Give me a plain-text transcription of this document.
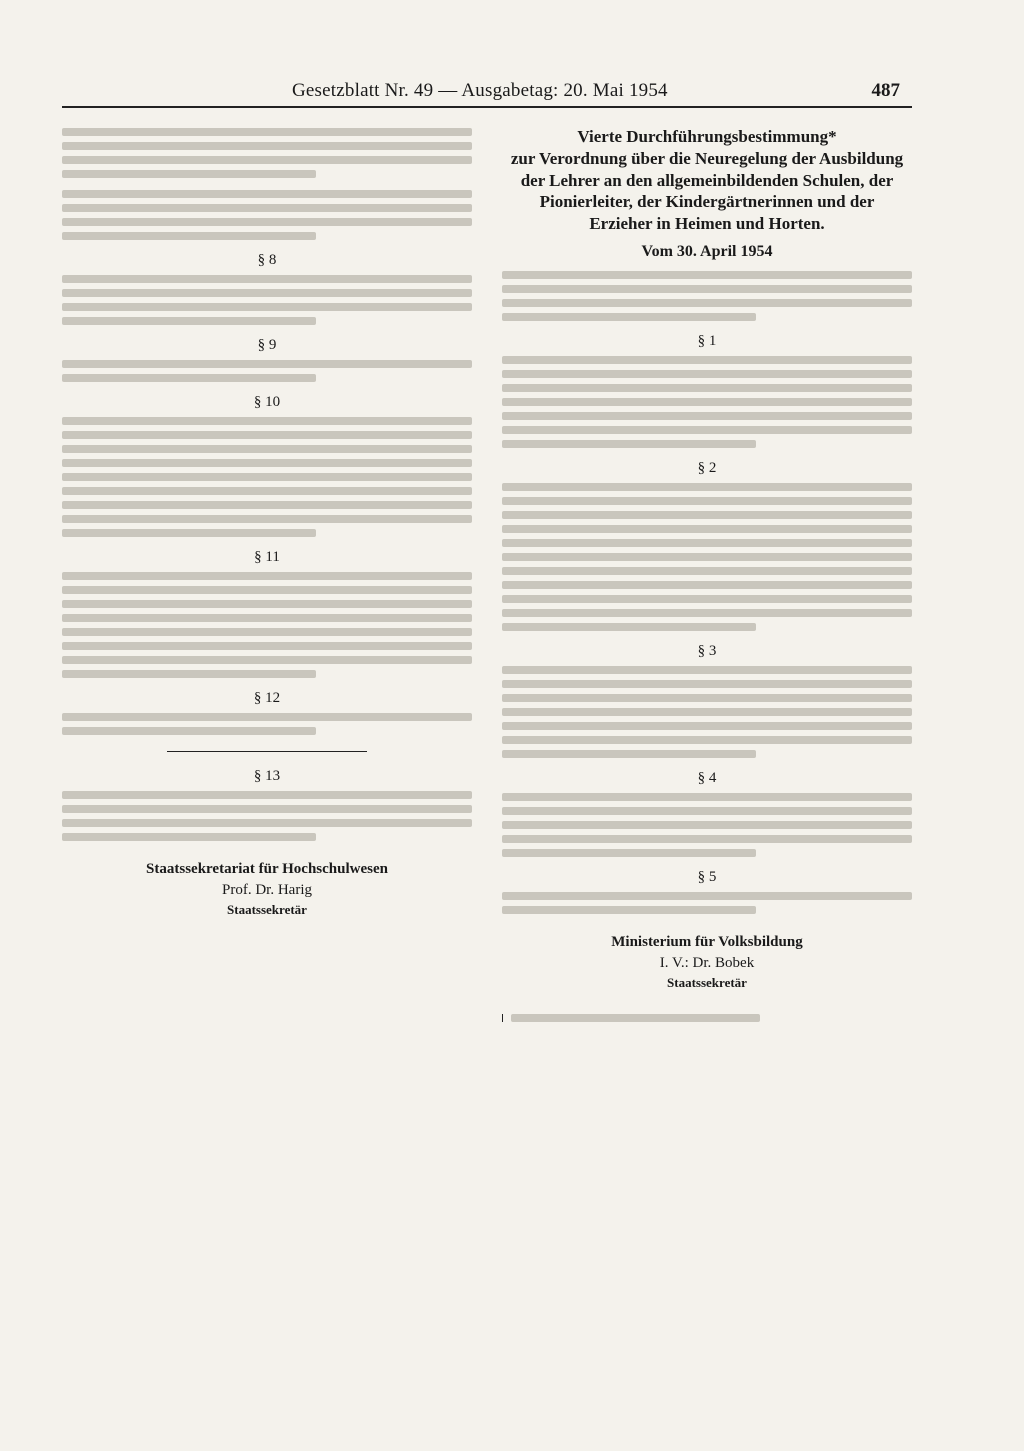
Gesetzblatt Nr. 49 — Ausgabetag: 20. Mai 1954	487
§ 8
§ 9
§ 10
§ 11
§ 12
§ 13
Staatssekretariat für Hochschulwesen
Prof. Dr. Harig
Staatssekretär
Vierte Durchführungsbestimmung*
zur Verordnung über die Neuregelung der Ausbildung der Lehrer an den allgemeinbildenden Schulen, der Pionierleiter, der Kindergärtnerinnen und der Erzieher in Heimen und Horten.
Vom 30. April 1954
§ 1
§ 2
§ 3
§ 4
§ 5
Ministerium für Volksbildung
I. V.: Dr. Bobek
Staatssekretär
